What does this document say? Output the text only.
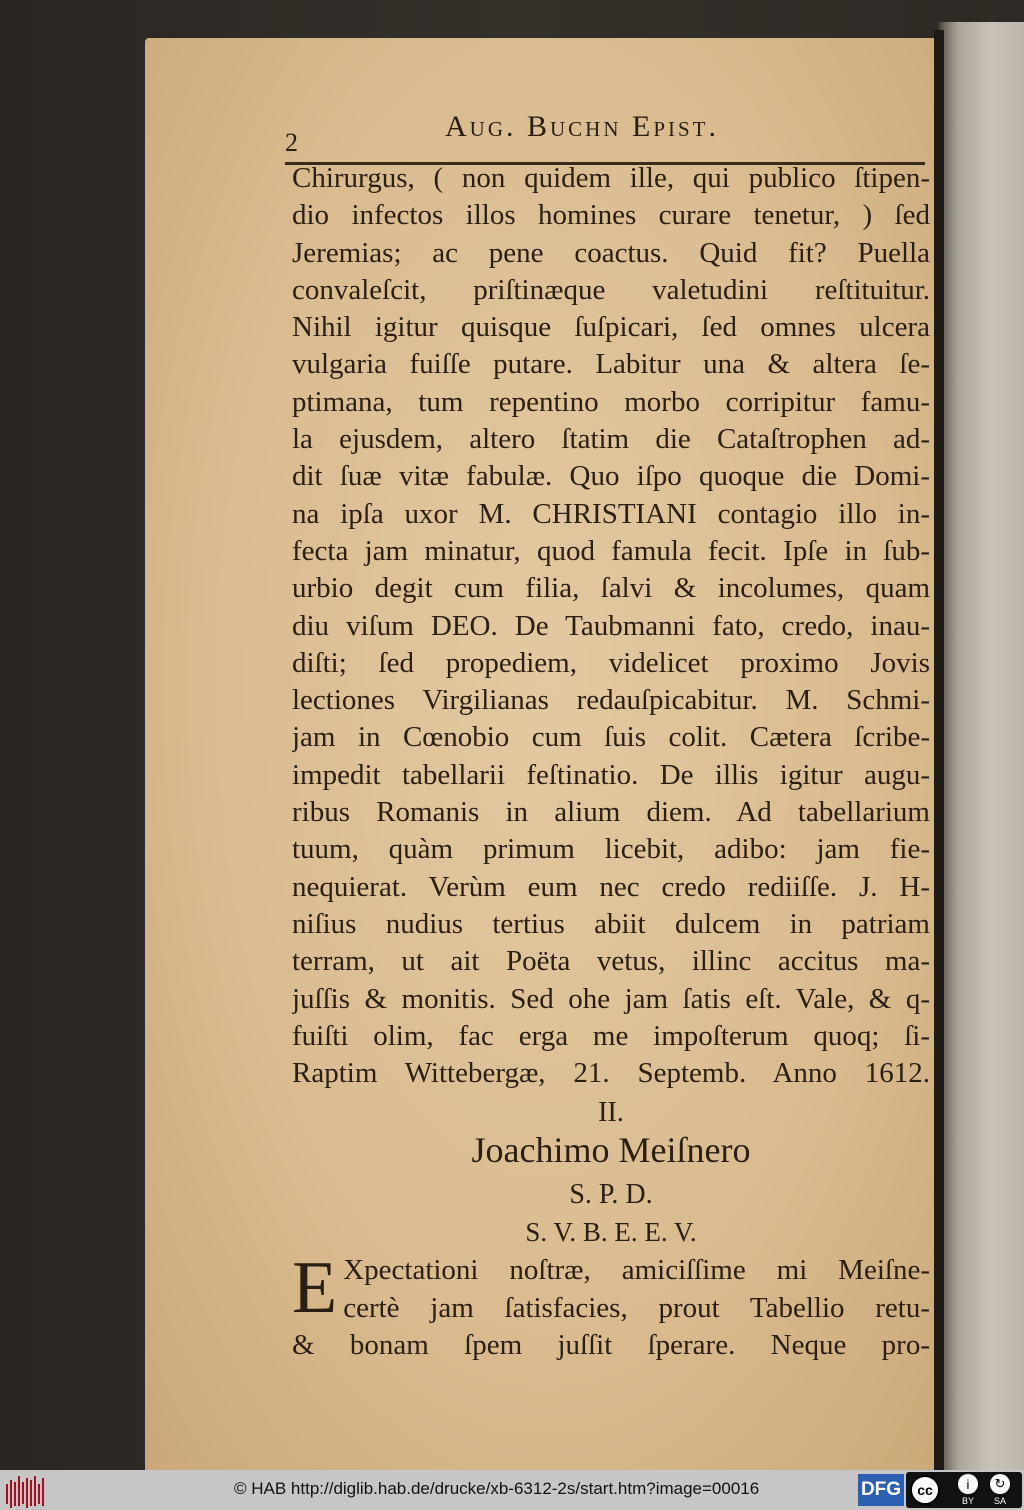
2	Aug. Buchn Epist.
Chirurgus, ( non quidem ille, qui publico ſtipen-
dio infectos illos homines curare tenetur, ) ſed
Jeremias; ac pene coactus. Quid fit? Puella
convaleſcit, priſtinæque valetudini reſtituitur.
Nihil igitur quisque ſuſpicari, ſed omnes ulcera
vulgaria fuiſſe putare. Labitur una & altera ſe-
ptimana, tum repentino morbo corripitur famu-
la ejusdem, altero ſtatim die Cataſtrophen ad-
dit ſuæ vitæ fabulæ. Quo iſpo quoque die Domi-
na ipſa uxor M. CHRISTIANI contagio illo in-
fecta jam minatur, quod famula fecit. Ipſe in ſub-
urbio degit cum filia, ſalvi & incolumes, quam
diu viſum DEO. De Taubmanni fato, credo, inau-
diſti; ſed propediem, videlicet proximo Jovis
lectiones Virgilianas redauſpicabitur. M. Schmi-
jam in Cœnobio cum ſuis colit. Cætera ſcribe-
impedit tabellarii feſtinatio. De illis igitur augu-
ribus Romanis in alium diem. Ad tabellarium
tuum, quàm primum licebit, adibo: jam fie-
nequierat. Verùm eum nec credo rediiſſe. J. H-
niſius nudius tertius abiit dulcem in patriam
terram, ut ait Poëta vetus, illinc accitus ma-
juſſis & monitis. Sed ohe jam ſatis eſt. Vale, & q-
fuiſti olim, fac erga me impoſterum quoq; ſi-
Raptim Wittebergæ, 21. Septemb. Anno 1612.
II.
Joachimo Meiſnero
S. P. D.
S. V. B. E. E. V.
E Xpectationi noſtræ, amiciſſime mi Meiſne-
certè jam ſatisfacies, prout Tabellio retu-
& bonam ſpem juſſit ſperare. Neque pro-
© HAB http://diglib.hab.de/drucke/xb-6312-2s/start.htm?image=00016	DFG	cc	i	↻
BY SA
